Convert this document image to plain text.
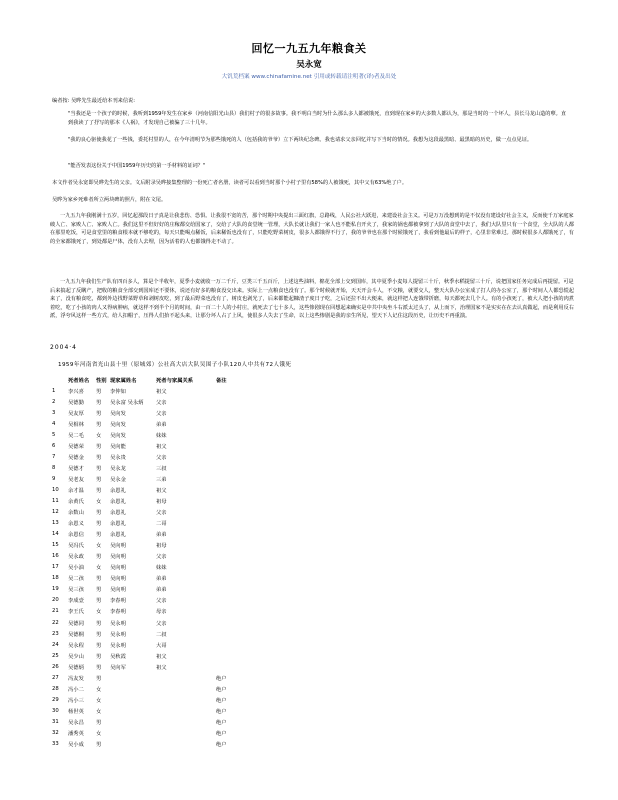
回忆一九五九年粮食关
吴永宽
大饥荒档案 www.chinafamine.net 引用或转载请注明著(译)者及出处

编者按: 吴晔先生最近给本刊来信说:

"当我还是一个孩子的时候，我听到1959年发生在家乡（河南信阳光山县）我们村子的很多故事。我不明白当时为什么那么多人都被饿死，直到现在家乡的大多数人都认为，那是当时的一个坏人，县长马龙山造的孽。直到我读了了抒写的那本《人祸》，才发现自己被骗了三十几年。

"我的良心驱使我花了一些钱，委托村里的人，在今年清明节为那些饿死的人（包括我的爷爷）立下两块纪念碑。我也请求父亲回忆并写下当时的情况。我想为这段最黑暗、最黑暗的历史，做一点点见证。

"能否发表这份关于中国1959年历史的第一手材料的证词？"

本文作者吴永宽即吴晔先生的父亲。文后附录吴晔接集整理的一份死亡者名册，读者可以看到当时那个小村子里有58%的人被饿死，其中父有63%绝了户。

吴晔为家乡死难者所立两块碑的照片，附在文尾。

一九五九年我刚满十五岁，回忆起那段日子真是让我悲伤、恐惧。让我很不宽的苦，那个时期中央提出三面红旗，总路线，人民公社大跃进，来建设社会主义。可是万万没想到的是不仅没有建设好社会主义，反而使千万家庭家破人亡、家败人亡、家败人亡。我们这里不但好好的庄稼都交给国家了，交给了大队的食堂统一管理，大队长就让我们一家人也不能私自开火了，我家的锅也都被拿到了大队的食堂中去了，我们大队里只有一个食堂，全大队的人都在那里吃饭，可是食堂里的粮食根本就不够吃的，每天只能喝点稀饭，后来稀饭也没有了，只能吃野菜树皮，很多人都饿得不行了，我的爷爷也在那个时候饿死了，我看到他最后的样子，心里非常难过。那时候很多人都饿死了，有的全家都饿死了，到处都是尸体，没有人去埋，因为活着的人也都饿得走不动了。

一九五九年我们生产队有四百多人，算是个半收年，夏季小麦就收一万二千斤，豆类三千五百斤，上述这些油料，棉花全部上交到国库，其中夏季小麦每人提留三十斤，秋季水稻提留三十斤，说把国家任务完成后再提留。可是后来搞起了反瞒产，把收的粮食全部交到国库还不要休，说还有好多的粮食没交出来。实际上一点粮食也没有了。那个时候就开始，天天开会斗人，不交粮，就要交人，整天大队办公室成了打人的办公室了，那个时间人人都恐慌起来了，没有粮食吃，都到外边找野菜野草和剥树皮吃，到了最后野菜也没有了，树皮也剥光了，后来都能起糠渣子度日子吃，之后还拉不出大便来，就这样把人连饿带折磨，每天都死去几个人。有的小孩死了，被大人把小孩的肉煮着吃，吃了小孩的肉人又得病肿病，就这样不到半个月的时间，由一百二十人的小村庄，就死去了七十多人，这些惨剧现在回想起来确实是中共中央坐斗右派太过头了，从上而下，治理国家不是实实在在去认真做起，而是利用反右派，浮夸风这样一些方式，给人扣帽子，压得人们抬不起头来，让那分坏人占了上风，使很多人失去了生命，以上这些惨剧是我的亲生所见，望天下人记住这段历史，让历史不再重演。

2004·4
1959年河南省光山县十里（原城郊）公社高大店大队吴围子小队120人中共有72人饿死
	死者姓名	性别	现家属姓名	死者与家属关系	备注
1	李兴喜	男	李仲如	祖父	
2	吴德勤	男	吴永富 吴永炳	父亲	
3	吴友厚	男	吴向发	父亲	
4	吴相林	男	吴向发	弟弟	
5	吴二毛	女	吴向发	妹妹	
6	吴德荣	男	吴向能	祖父	
7	吴德金	男	吴永贵	父亲	
8	吴德才	男	吴永龙	三叔	
9	吴老友	男	吴永金	三弟	
10	余才温	男	余恩礼	祖父	
11	余黄氏	女	余恩礼	祖母	
12	余数山	男	余恩礼	父亲	
13	余恩义	男	余恩礼	二哥	
14	余恩信	男	余恩礼	弟弟	
15	吴冯氏	女	吴向明	祖母	
16	吴永政	男	吴向明	父亲	
17	吴小油	女	吴向明	妹妹	
18	吴二孩	男	吴向明	弟弟	
19	吴三孩	男	吴向明	弟弟	
20	李成壹	男	李春明	父亲	
21	李王氏	女	李春明	母亲	
22	吴德同	男	吴永明	父亲	
23	吴德桐	男	吴永明	二叔	
24	吴永程	男	吴永明	大哥	
25	吴少山	男	吴秋霞	祖父	
26	吴德炳	男	吴向军	祖父	
27	冯友发	男			绝户
28	冯小二	女			绝户
29	冯小三	女			绝户
30	杨世英	女			绝户
31	吴永昌	男			绝户
32	潘秀英	女			绝户
33	吴小成	男			绝户
